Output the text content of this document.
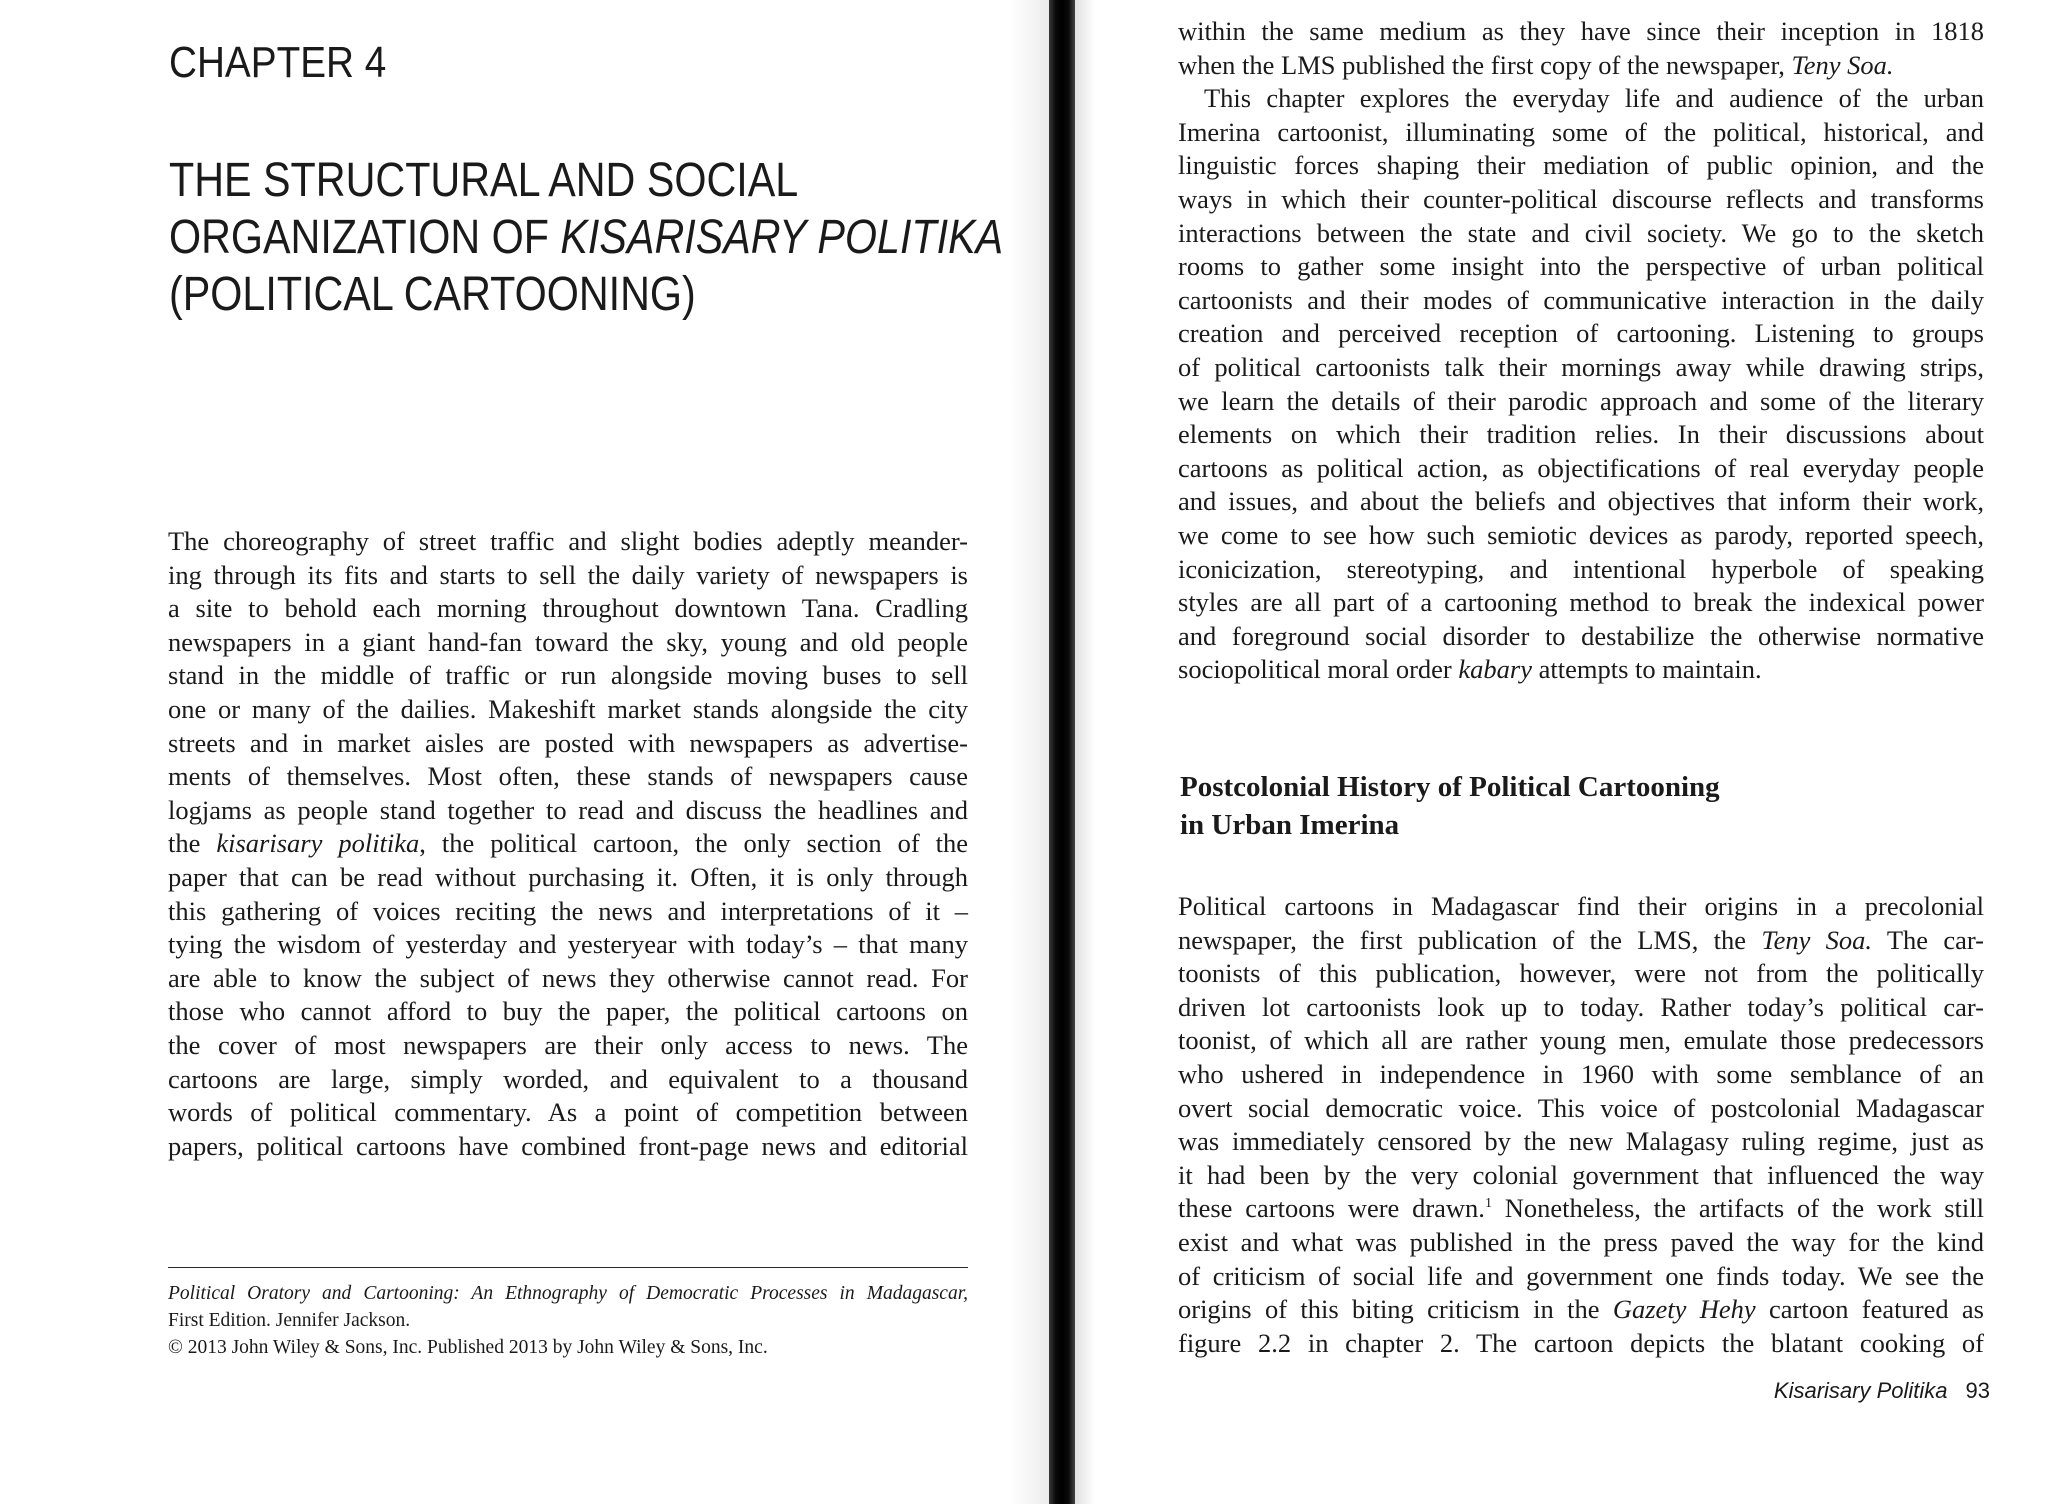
CHAPTER 4
THE STRUCTURAL AND SOCIAL
ORGANIZATION OF KISARISARY POLITIKA
(POLITICAL CARTOONING)
The choreography of street traffic and slight bodies adeptly meander-
ing through its fits and starts to sell the daily variety of newspapers is
a site to behold each morning throughout downtown Tana. Cradling
newspapers in a giant hand-fan toward the sky, young and old people
stand in the middle of traffic or run alongside moving buses to sell
one or many of the dailies. Makeshift market stands alongside the city
streets and in market aisles are posted with newspapers as advertise-
ments of themselves. Most often, these stands of newspapers cause
logjams as people stand together to read and discuss the headlines and
the kisarisary politika, the political cartoon, the only section of the
paper that can be read without purchasing it. Often, it is only through
this gathering of voices reciting the news and interpretations of it –
tying the wisdom of yesterday and yesteryear with today’s – that many
are able to know the subject of news they otherwise cannot read. For
those who cannot afford to buy the paper, the political cartoons on
the cover of most newspapers are their only access to news. The
cartoons are large, simply worded, and equivalent to a thousand
words of political commentary. As a point of competition between
papers, political cartoons have combined front-page news and editorial
Political Oratory and Cartooning: An Ethnography of Democratic Processes in Madagascar,
First Edition. Jennifer Jackson.
© 2013 John Wiley & Sons, Inc. Published 2013 by John Wiley & Sons, Inc.
within the same medium as they have since their inception in 1818
when the LMS published the first copy of the newspaper, Teny Soa.
This chapter explores the everyday life and audience of the urban
Imerina cartoonist, illuminating some of the political, historical, and
linguistic forces shaping their mediation of public opinion, and the
ways in which their counter-political discourse reflects and transforms
interactions between the state and civil society. We go to the sketch
rooms to gather some insight into the perspective of urban political
cartoonists and their modes of communicative interaction in the daily
creation and perceived reception of cartooning. Listening to groups
of political cartoonists talk their mornings away while drawing strips,
we learn the details of their parodic approach and some of the literary
elements on which their tradition relies. In their discussions about
cartoons as political action, as objectifications of real everyday people
and issues, and about the beliefs and objectives that inform their work,
we come to see how such semiotic devices as parody, reported speech,
iconicization, stereotyping, and intentional hyperbole of speaking
styles are all part of a cartooning method to break the indexical power
and foreground social disorder to destabilize the otherwise normative
sociopolitical moral order kabary attempts to maintain.
Postcolonial History of Political Cartooning
in Urban Imerina
Political cartoons in Madagascar find their origins in a precolonial
newspaper, the first publication of the LMS, the Teny Soa. The car-
toonists of this publication, however, were not from the politically
driven lot cartoonists look up to today. Rather today’s political car-
toonist, of which all are rather young men, emulate those predecessors
who ushered in independence in 1960 with some semblance of an
overt social democratic voice. This voice of postcolonial Madagascar
was immediately censored by the new Malagasy ruling regime, just as
it had been by the very colonial government that influenced the way
these cartoons were drawn.$^1$ Nonetheless, the artifacts of the work still
exist and what was published in the press paved the way for the kind
of criticism of social life and government one finds today. We see the
origins of this biting criticism in the Gazety Hehy cartoon featured as
figure 2.2 in chapter 2. The cartoon depicts the blatant cooking of
Kisarisary Politika 93
